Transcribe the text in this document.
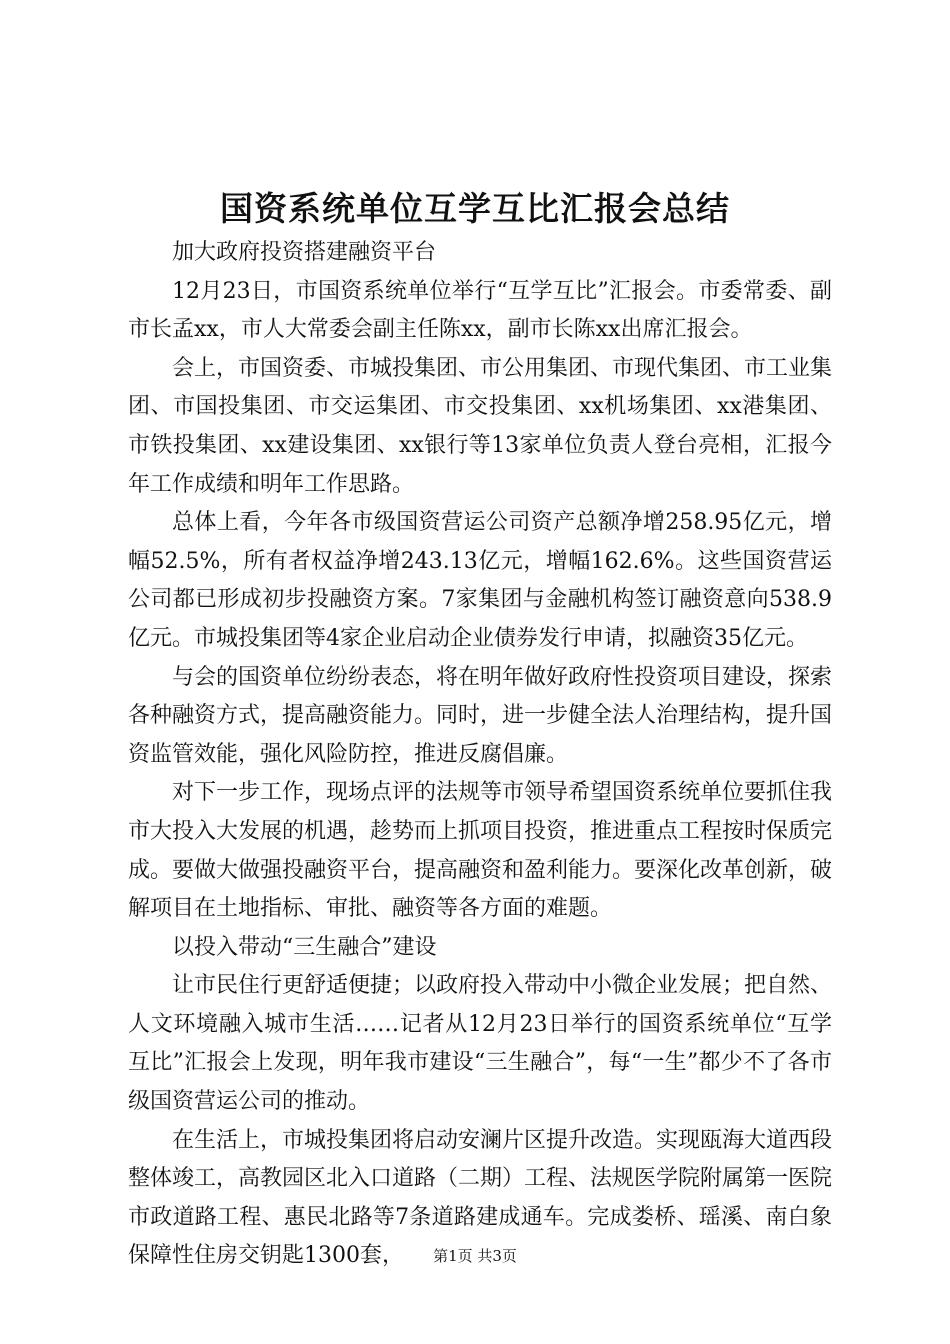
国资系统单位互学互比汇报会总结

加大政府投资搭建融资平台

12月23日，市国资系统单位举行“互学互比”汇报会。市委常委、副市长孟xx，市人大常委会副主任陈xx，副市长陈xx出席汇报会。

会上，市国资委、市城投集团、市公用集团、市现代集团、市工业集团、市国投集团、市交运集团、市交投集团、xx机场集团、xx港集团、市铁投集团、xx建设集团、xx银行等13家单位负责人登台亮相，汇报今年工作成绩和明年工作思路。

总体上看，今年各市级国资营运公司资产总额净增258.95亿元，增幅52.5%，所有者权益净增243.13亿元，增幅162.6%。这些国资营运公司都已形成初步投融资方案。7家集团与金融机构签订融资意向538.9亿元。市城投集团等4家企业启动企业债券发行申请，拟融资35亿元。

与会的国资单位纷纷表态，将在明年做好政府性投资项目建设，探索各种融资方式，提高融资能力。同时，进一步健全法人治理结构，提升国资监管效能，强化风险防控，推进反腐倡廉。

对下一步工作，现场点评的法规等市领导希望国资系统单位要抓住我市大投入大发展的机遇，趁势而上抓项目投资，推进重点工程按时保质完成。要做大做强投融资平台，提高融资和盈利能力。要深化改革创新，破解项目在土地指标、审批、融资等各方面的难题。

以投入带动“三生融合”建设

让市民住行更舒适便捷；以政府投入带动中小微企业发展；把自然、人文环境融入城市生活……记者从12月23日举行的国资系统单位“互学互比”汇报会上发现，明年我市建设“三生融合”，每“一生”都少不了各市级国资营运公司的推动。

在生活上，市城投集团将启动安澜片区提升改造。实现瓯海大道西段整体竣工，高教园区北入口道路（二期）工程、法规医学院附属第一医院市政道路工程、惠民北路等7条道路建成通车。完成娄桥、瑶溪、南白象保障性住房交钥匙1300套，	第1页 共3页
